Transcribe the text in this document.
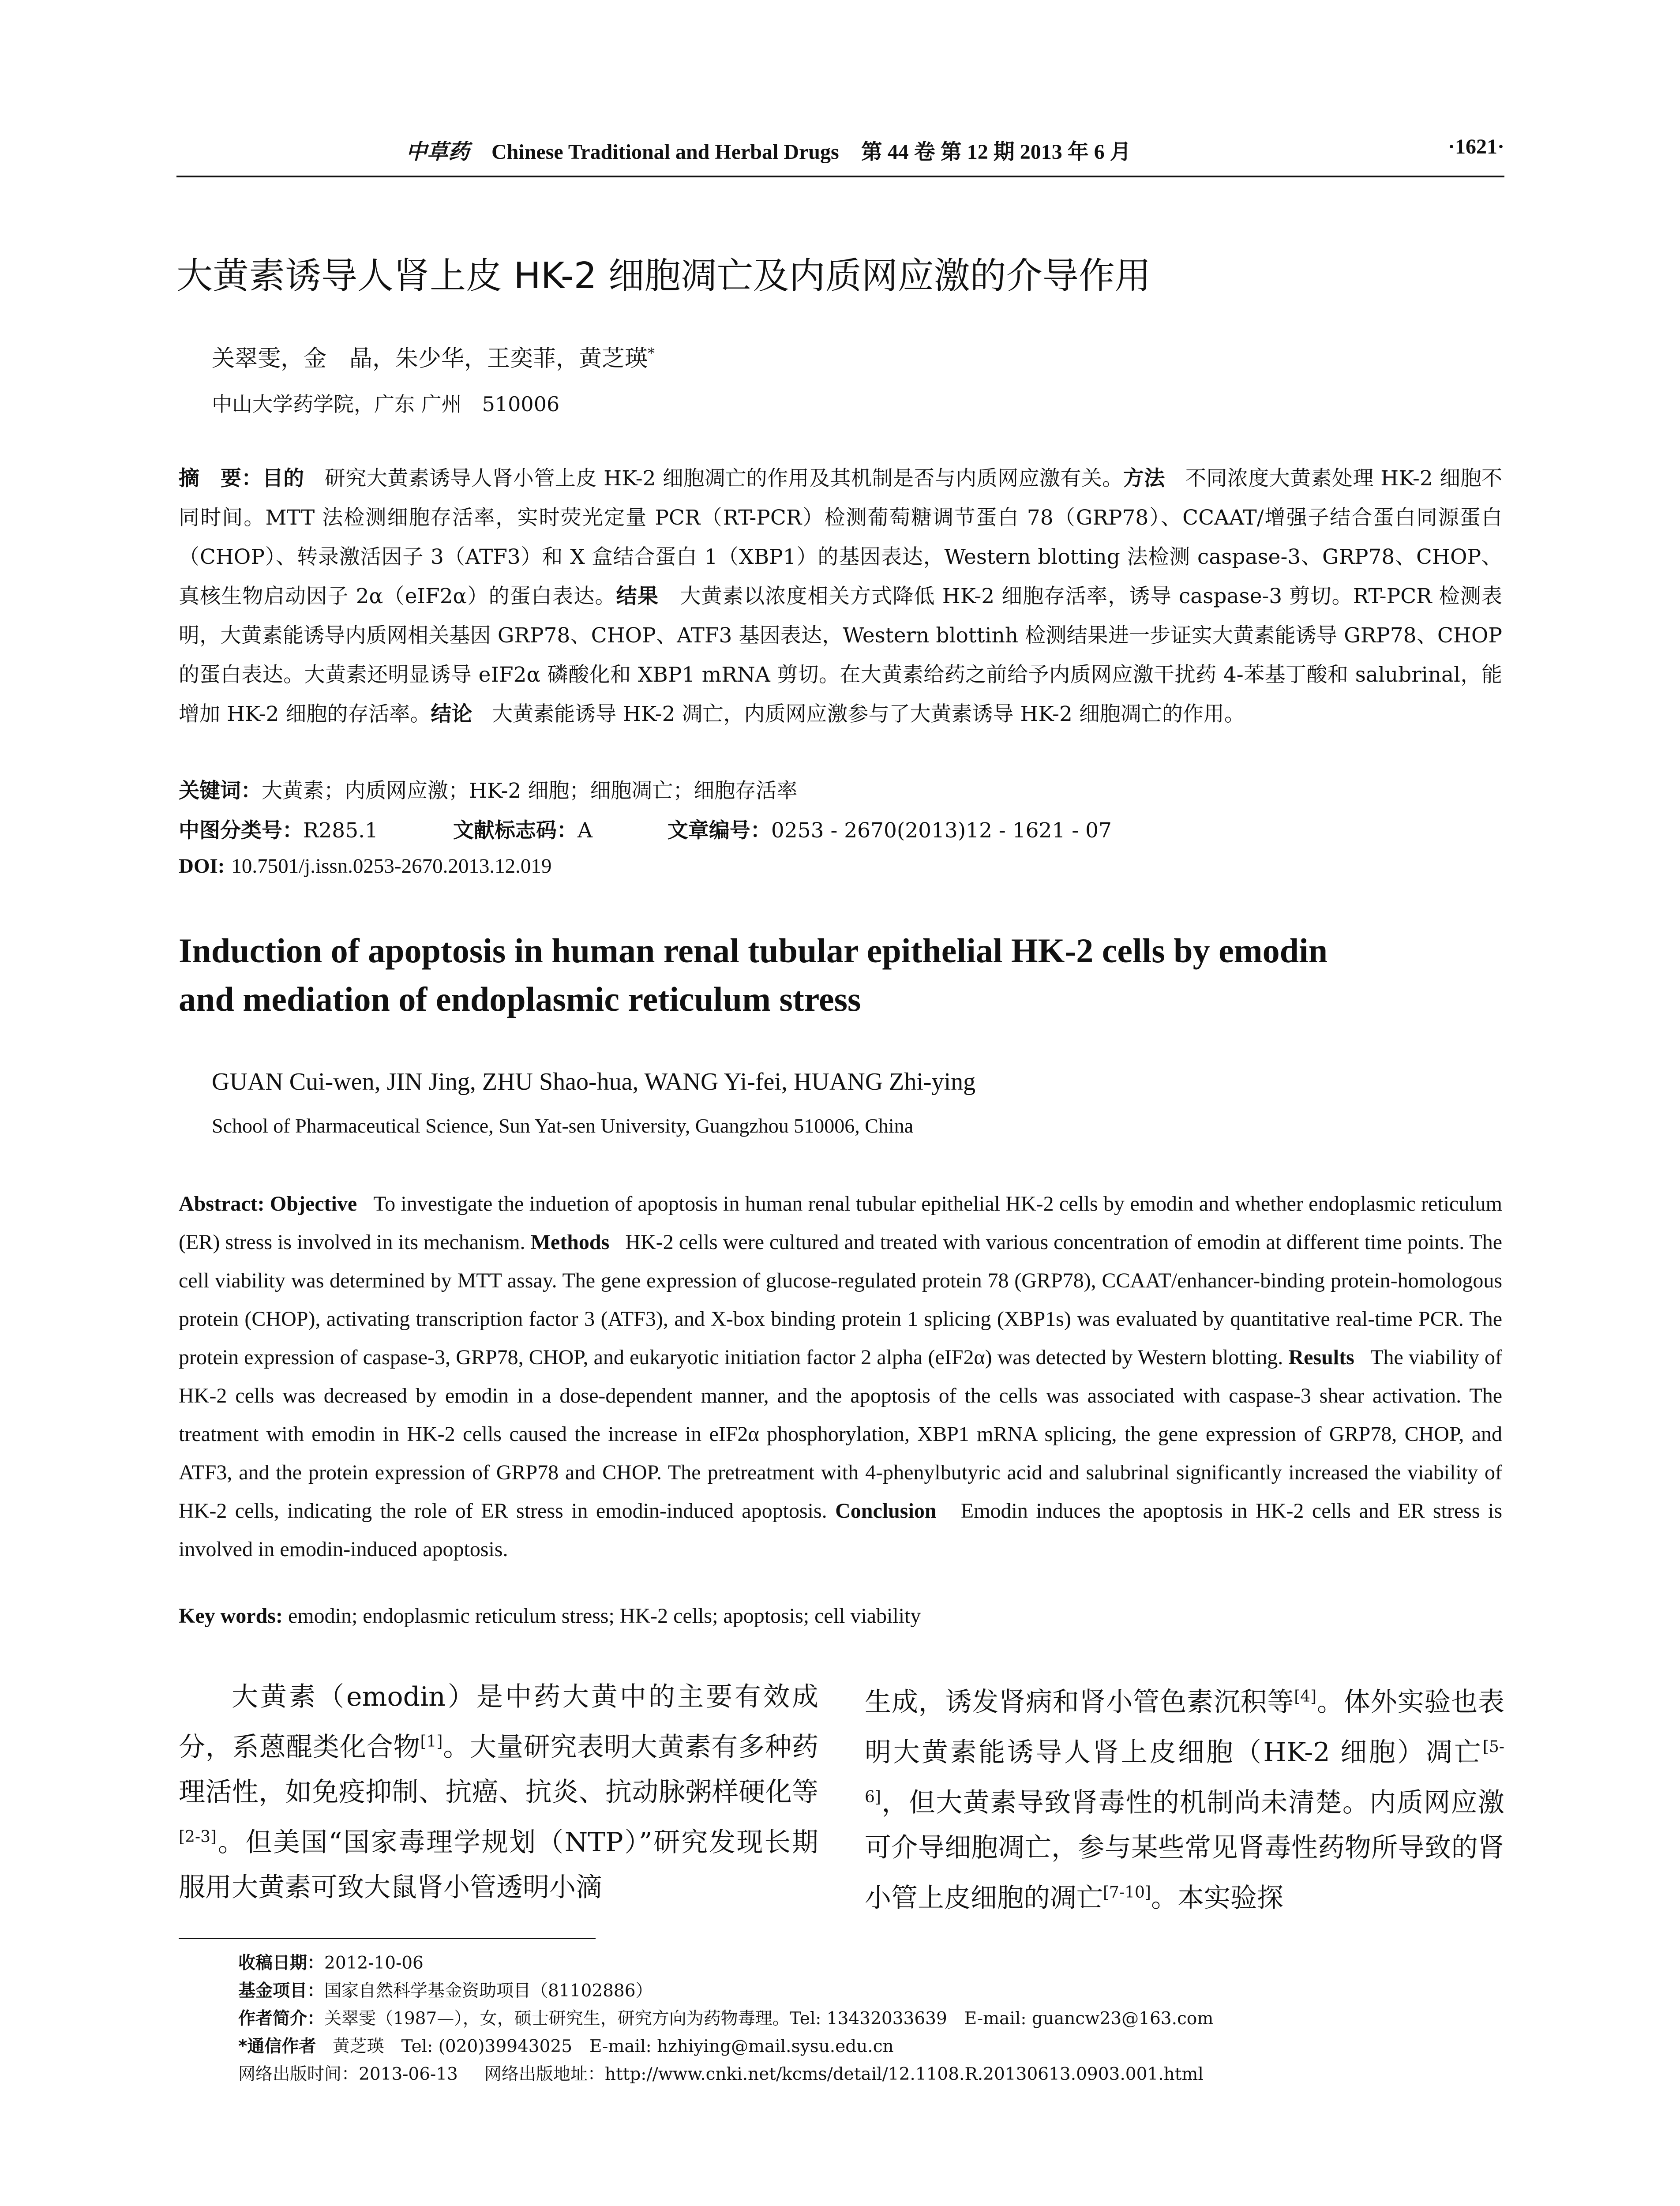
中草药 Chinese Traditional and Herbal Drugs 第 44 卷 第 12 期 2013 年 6 月	·1621·
大黄素诱导人肾上皮 HK-2 细胞凋亡及内质网应激的介导作用
关翠雯，金　晶，朱少华，王奕菲，黄芝瑛*
中山大学药学院，广东 广州　510006
摘　要：目的 研究大黄素诱导人肾小管上皮 HK-2 细胞凋亡的作用及其机制是否与内质网应激有关。方法 不同浓度大黄素处理 HK-2 细胞不同时间。MTT 法检测细胞存活率，实时荧光定量 PCR（RT-PCR）检测葡萄糖调节蛋白 78（GRP78）、CCAAT/增强子结合蛋白同源蛋白（CHOP）、转录激活因子 3（ATF3）和 X 盒结合蛋白 1（XBP1）的基因表达，Western blotting 法检测 caspase-3、GRP78、CHOP、真核生物启动因子 2α（eIF2α）的蛋白表达。结果 大黄素以浓度相关方式降低 HK-2 细胞存活率，诱导 caspase-3 剪切。RT-PCR 检测表明，大黄素能诱导内质网相关基因 GRP78、CHOP、ATF3 基因表达，Western blottinh 检测结果进一步证实大黄素能诱导 GRP78、CHOP 的蛋白表达。大黄素还明显诱导 eIF2α 磷酸化和 XBP1 mRNA 剪切。在大黄素给药之前给予内质网应激干扰药 4-苯基丁酸和 salubrinal，能增加 HK-2 细胞的存活率。结论 大黄素能诱导 HK-2 凋亡，内质网应激参与了大黄素诱导 HK-2 细胞凋亡的作用。
关键词：大黄素；内质网应激；HK-2 细胞；细胞凋亡；细胞存活率
中图分类号：R285.1	文献标志码：A	文章编号：0253 - 2670(2013)12 - 1621 - 07
DOI: 10.7501/j.issn.0253-2670.2013.12.019
Induction of apoptosis in human renal tubular epithelial HK-2 cells by emodin
and mediation of endoplasmic reticulum stress
GUAN Cui-wen, JIN Jing, ZHU Shao-hua, WANG Yi-fei, HUANG Zhi-ying
School of Pharmaceutical Science, Sun Yat-sen University, Guangzhou 510006, China
Abstract: Objective To investigate the induetion of apoptosis in human renal tubular epithelial HK-2 cells by emodin and whether endoplasmic reticulum (ER) stress is involved in its mechanism. Methods HK-2 cells were cultured and treated with various concentration of emodin at different time points. The cell viability was determined by MTT assay. The gene expression of glucose-regulated protein 78 (GRP78), CCAAT/enhancer-binding protein-homologous protein (CHOP), activating transcription factor 3 (ATF3), and X-box binding protein 1 splicing (XBP1s) was evaluated by quantitative real-time PCR. The protein expression of caspase-3, GRP78, CHOP, and eukaryotic initiation factor 2 alpha (eIF2α) was detected by Western blotting. Results The viability of HK-2 cells was decreased by emodin in a dose-dependent manner, and the apoptosis of the cells was associated with caspase-3 shear activation. The treatment with emodin in HK-2 cells caused the increase in eIF2α phosphorylation, XBP1 mRNA splicing, the gene expression of GRP78, CHOP, and ATF3, and the protein expression of GRP78 and CHOP. The pretreatment with 4-phenylbutyric acid and salubrinal significantly increased the viability of HK-2 cells, indicating the role of ER stress in emodin-induced apoptosis. Conclusion Emodin induces the apoptosis in HK-2 cells and ER stress is involved in emodin-induced apoptosis.
Key words: emodin; endoplasmic reticulum stress; HK-2 cells; apoptosis; cell viability
大黄素（emodin）是中药大黄中的主要有效成分，系蒽醌类化合物[1]。大量研究表明大黄素有多种药理活性，如免疫抑制、抗癌、抗炎、抗动脉粥样硬化等[2-3]。但美国“国家毒理学规划（NTP）”研究发现长期服用大黄素可致大鼠肾小管透明小滴
生成，诱发肾病和肾小管色素沉积等[4]。体外实验也表明大黄素能诱导人肾上皮细胞（HK-2 细胞）凋亡[5-6]，但大黄素导致肾毒性的机制尚未清楚。内质网应激可介导细胞凋亡，参与某些常见肾毒性药物所导致的肾小管上皮细胞的凋亡[7-10]。本实验探
收稿日期：2012-10-06
基金项目：国家自然科学基金资助项目（81102886）
作者简介：关翠雯（1987—），女，硕士研究生，研究方向为药物毒理。Tel: 13432033639　E-mail: guancw23@163.com
*通信作者 黄芝瑛　Tel: (020)39943025　E-mail: hzhiying@mail.sysu.edu.cn
网络出版时间：2013-06-13 网络出版地址：http://www.cnki.net/kcms/detail/12.1108.R.20130613.0903.001.html
